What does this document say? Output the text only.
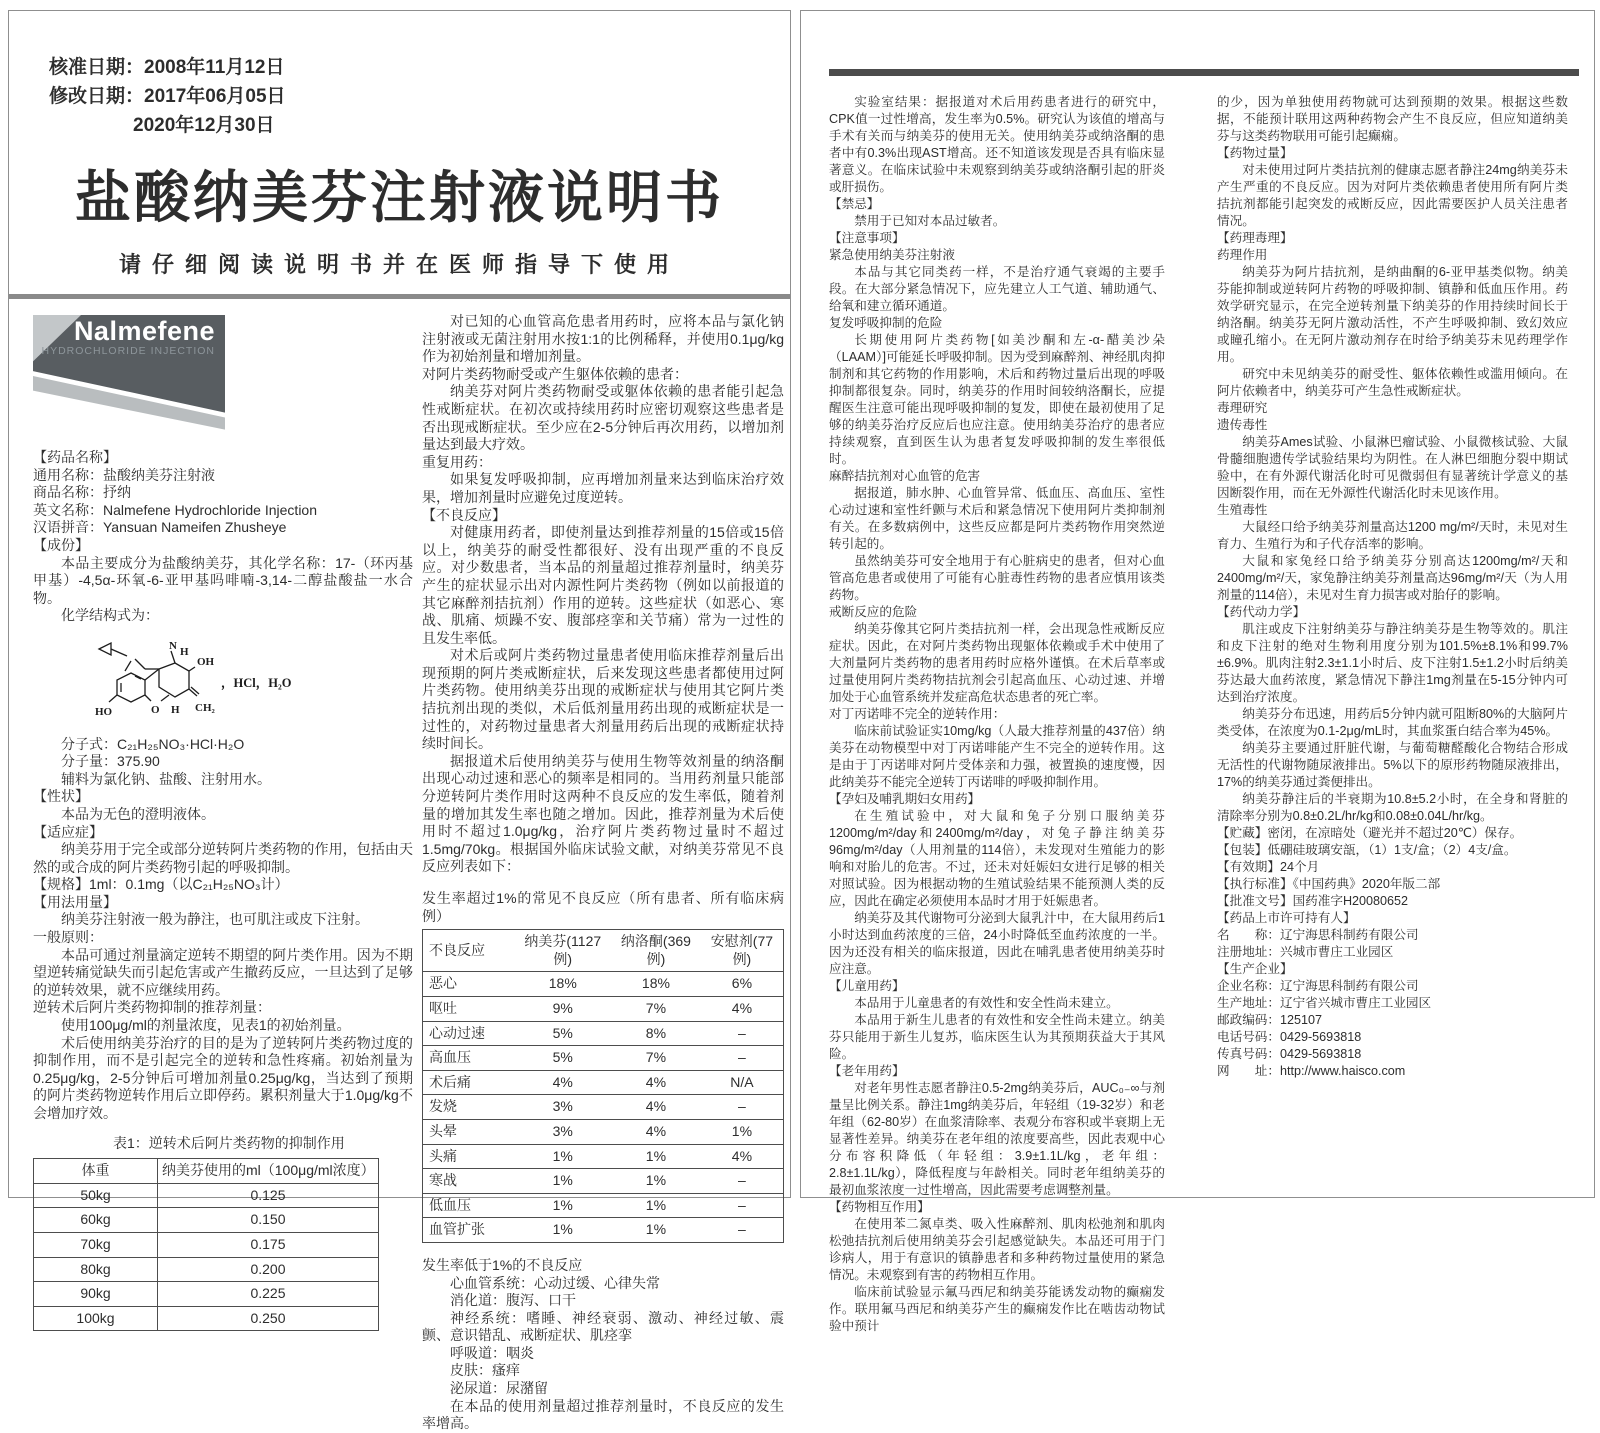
核准日期：2008年11月12日
修改日期：2017年06月05日
2020年12月30日
盐酸纳美芬注射液说明书
请仔细阅读说明书并在医师指导下使用
Nalmefene
HYDROCHLORIDE INJECTION

【药品名称】

通用名称：盐酸纳美芬注射液

商品名称：抒纳

英文名称：Nalmefene Hydrochloride Injection

汉语拼音：Yansuan Nameifen Zhusheye

【成份】

本品主要成分为盐酸纳美芬，其化学名称：17-（环丙基甲基）-4,5α-环氧-6-亚甲基吗啡喃-3,14-二醇盐酸盐一水合物。

化学结构式为：

N H
OH
HO	O H CH₂
，HCl，H₂O

分子式：C₂₁H₂₅NO₃·HCl·H₂O

分子量：375.90

辅料为氯化钠、盐酸、注射用水。

【性状】

本品为无色的澄明液体。

【适应症】

纳美芬用于完全或部分逆转阿片类药物的作用，包括由天然的或合成的阿片类药物引起的呼吸抑制。

【规格】1ml：0.1mg（以C₂₁H₂₅NO₃计）

【用法用量】

纳美芬注射液一般为静注，也可肌注或皮下注射。

一般原则：

本品可通过剂量滴定逆转不期望的阿片类作用。因为不期望逆转痛觉缺失而引起危害或产生撤药反应，一旦达到了足够的逆转效果，就不应继续用药。

逆转术后阿片类药物抑制的推荐剂量：

使用100μg/ml的剂量浓度，见表1的初始剂量。

术后使用纳美芬治疗的目的是为了逆转阿片类药物过度的抑制作用，而不是引起完全的逆转和急性疼痛。初始剂量为0.25μg/kg，2-5分钟后可增加剂量0.25μg/kg，当达到了预期的阿片类药物逆转作用后立即停药。累积剂量大于1.0μg/kg不会增加疗效。

表1：逆转术后阿片类药物的抑制作用

体重	纳美芬使用的ml（100μg/ml浓度）
50kg	0.125
60kg	0.150
70kg	0.175
80kg	0.200
90kg	0.225
100kg	0.250

对已知的心血管高危患者用药时，应将本品与氯化钠注射液或无菌注射用水按1:1的比例稀释，并使用0.1μg/kg作为初始剂量和增加剂量。

对阿片类药物耐受或产生躯体依赖的患者：

纳美芬对阿片类药物耐受或躯体依赖的患者能引起急性戒断症状。在初次或持续用药时应密切观察这些患者是否出现戒断症状。至少应在2-5分钟后再次用药，以增加剂量达到最大疗效。

重复用药：

如果复发呼吸抑制，应再增加剂量来达到临床治疗效果，增加剂量时应避免过度逆转。

【不良反应】

对健康用药者，即使剂量达到推荐剂量的15倍或15倍以上，纳美芬的耐受性都很好、没有出现严重的不良反应。对少数患者，当本品的剂量超过推荐剂量时，纳美芬产生的症状显示出对内源性阿片类药物（例如以前报道的其它麻醉剂拮抗剂）作用的逆转。这些症状（如恶心、寒战、肌痛、烦躁不安、腹部痉挛和关节痛）常为一过性的且发生率低。

对术后或阿片类药物过量患者使用临床推荐剂量后出现预期的阿片类戒断症状，后来发现这些患者都使用过阿片类药物。使用纳美芬出现的戒断症状与使用其它阿片类拮抗剂出现的类似，术后低剂量用药出现的戒断症状是一过性的，对药物过量患者大剂量用药后出现的戒断症状持续时间长。

据报道术后使用纳美芬与使用生物等效剂量的纳洛酮出现心动过速和恶心的频率是相同的。当用药剂量只能部分逆转阿片类作用时这两种不良反应的发生率低，随着剂量的增加其发生率也随之增加。因此，推荐剂量为术后使用时不超过1.0μg/kg，治疗阿片类药物过量时不超过1.5mg/70kg。根据国外临床试验文献，对纳美芬常见不良反应列表如下：

发生率超过1%的常见不良反应（所有患者、所有临床病例）

不良反应	纳美芬(1127例)	纳洛酮(369例)	安慰剂(77例)
恶心	18%	18%	6%
呕吐	9%	7%	4%
心动过速	5%	8%	–
高血压	5%	7%	–
术后痛	4%	4%	N/A
发烧	3%	4%	–
头晕	3%	4%	1%
头痛	1%	1%	4%
寒战	1%	1%	–
低血压	1%	1%	–
血管扩张	1%	1%	–

发生率低于1%的不良反应

心血管系统：心动过缓、心律失常

消化道：腹泻、口干

神经系统：嗜睡、神经衰弱、激动、神经过敏、震颤、意识错乱、戒断症状、肌痉挛

呼吸道：咽炎

皮肤：瘙痒

泌尿道：尿潴留

在本品的使用剂量超过推荐剂量时，不良反应的发生率增高。

实验室结果：据报道对术后用药患者进行的研究中，CPK值一过性增高，发生率为0.5%。研究认为该值的增高与手术有关而与纳美芬的使用无关。使用纳美芬或纳洛酮的患者中有0.3%出现AST增高。还不知道该发现是否具有临床显著意义。在临床试验中未观察到纳美芬或纳洛酮引起的肝炎或肝损伤。

【禁忌】

禁用于已知对本品过敏者。

【注意事项】

紧急使用纳美芬注射液

本品与其它同类药一样，不是治疗通气衰竭的主要手段。在大部分紧急情况下，应先建立人工气道、辅助通气、给氧和建立循环通道。

复发呼吸抑制的危险

长期使用阿片类药物[如美沙酮和左-α-醋美沙朵（LAAM）]可能延长呼吸抑制。因为受到麻醉剂、神经肌肉抑制剂和其它药物的作用影响，术后和药物过量后出现的呼吸抑制都很复杂。同时，纳美芬的作用时间较纳洛酮长，应提醒医生注意可能出现呼吸抑制的复发，即使在最初使用了足够的纳美芬治疗反应后也应注意。使用纳美芬治疗的患者应持续观察，直到医生认为患者复发呼吸抑制的发生率很低时。

麻醉拮抗剂对心血管的危害

据报道，肺水肿、心血管异常、低血压、高血压、室性心动过速和室性纤颤与术后和紧急情况下使用阿片类抑制剂有关。在多数病例中，这些反应都是阿片类药物作用突然逆转引起的。

虽然纳美芬可安全地用于有心脏病史的患者，但对心血管高危患者或使用了可能有心脏毒性药物的患者应慎用该类药物。

戒断反应的危险

纳美芬像其它阿片类拮抗剂一样，会出现急性戒断反应症状。因此，在对阿片类药物出现躯体依赖或手术中使用了大剂量阿片类药物的患者用药时应格外谨慎。在术后草率或过量使用阿片类药物拮抗剂会引起高血压、心动过速、并增加处于心血管系统并发症高危状态患者的死亡率。

对丁丙诺啡不完全的逆转作用：

临床前试验证实10mg/kg（人最大推荐剂量的437倍）纳美芬在动物模型中对丁丙诺啡能产生不完全的逆转作用。这是由于丁丙诺啡对阿片受体亲和力强，被置换的速度慢，因此纳美芬不能完全逆转丁丙诺啡的呼吸抑制作用。

【孕妇及哺乳期妇女用药】

在生殖试验中，对大鼠和兔子分别口服纳美芬1200mg/m²/day和2400mg/m²/day，对兔子静注纳美芬96mg/m²/day（人用剂量的114倍），未发现对生殖能力的影响和对胎儿的危害。不过，还未对妊娠妇女进行足够的相关对照试验。因为根据动物的生殖试验结果不能预测人类的反应，因此在确定必须使用本品时才用于妊娠患者。

纳美芬及其代谢物可分泌到大鼠乳汁中，在大鼠用药后1小时达到血药浓度的三倍，24小时降低至血药浓度的一半。因为还没有相关的临床报道，因此在哺乳患者使用纳美芬时应注意。

【儿童用药】

本品用于儿童患者的有效性和安全性尚未建立。

本品用于新生儿患者的有效性和安全性尚未建立。纳美芬只能用于新生儿复苏，临床医生认为其预期获益大于其风险。

【老年用药】

对老年男性志愿者静注0.5-2mg纳美芬后，AUC₀₋∞与剂量呈比例关系。静注1mg纳美芬后，年轻组（19-32岁）和老年组（62-80岁）在血浆清除率、表观分布容积或半衰期上无显著性差异。纳美芬在老年组的浓度要高些，因此表观中心分布容积降低（年轻组：3.9±1.1L/kg，老年组：2.8±1.1L/kg），降低程度与年龄相关。同时老年组纳美芬的最初血浆浓度一过性增高，因此需要考虑调整剂量。

【药物相互作用】

在使用苯二氮卓类、吸入性麻醉剂、肌肉松弛剂和肌肉松弛拮抗剂后使用纳美芬会引起感觉缺失。本品还可用于门诊病人，用于有意识的镇静患者和多种药物过量使用的紧急情况。未观察到有害的药物相互作用。

临床前试验显示氟马西尼和纳美芬能诱发动物的癫痫发作。联用氟马西尼和纳美芬产生的癫痫发作比在啮齿动物试验中预计

的少，因为单独使用药物就可达到预期的效果。根据这些数据，不能预计联用这两种药物会产生不良反应，但应知道纳美芬与这类药物联用可能引起癫痫。

【药物过量】

对未使用过阿片类拮抗剂的健康志愿者静注24mg纳美芬未产生严重的不良反应。因为对阿片类依赖患者使用所有阿片类拮抗剂都能引起突发的戒断反应，因此需要医护人员关注患者情况。

【药理毒理】

药理作用

纳美芬为阿片拮抗剂，是纳曲酮的6-亚甲基类似物。纳美芬能抑制或逆转阿片药物的呼吸抑制、镇静和低血压作用。药效学研究显示，在完全逆转剂量下纳美芬的作用持续时间长于纳洛酮。纳美芬无阿片激动活性，不产生呼吸抑制、致幻效应或瞳孔缩小。在无阿片激动剂存在时给予纳美芬未见药理学作用。

研究中未见纳美芬的耐受性、躯体依赖性或滥用倾向。在阿片依赖者中，纳美芬可产生急性戒断症状。

毒理研究

遗传毒性

纳美芬Ames试验、小鼠淋巴瘤试验、小鼠微核试验、大鼠骨髓细胞遗传学试验结果均为阴性。在人淋巴细胞分裂中期试验中，在有外源代谢活化时可见微弱但有显著统计学意义的基因断裂作用，而在无外源性代谢活化时未见该作用。

生殖毒性

大鼠经口给予纳美芬剂量高达1200 mg/m²/天时，未见对生育力、生殖行为和子代存活率的影响。

大鼠和家兔经口给予纳美芬分别高达1200mg/m²/天和2400mg/m²/天，家兔静注纳美芬剂量高达96mg/m²/天（为人用剂量的114倍），未见对生育力损害或对胎仔的影响。

【药代动力学】

肌注或皮下注射纳美芬与静注纳美芬是生物等效的。肌注和皮下注射的绝对生物利用度分别为101.5%±8.1%和99.7%±6.9%。肌肉注射2.3±1.1小时后、皮下注射1.5±1.2小时后纳美芬达最大血药浓度，紧急情况下静注1mg剂量在5-15分钟内可达到治疗浓度。

纳美芬分布迅速，用药后5分钟内就可阻断80%的大脑阿片类受体，在浓度为0.1-2μg/mL时，其血浆蛋白结合率为45%。

纳美芬主要通过肝脏代谢，与葡萄糖醛酸化合物结合形成无活性的代谢物随尿液排出。5%以下的原形药物随尿液排出，17%的纳美芬通过粪便排出。

纳美芬静注后的半衰期为10.8±5.2小时，在全身和肾脏的清除率分别为0.8±0.2L/hr/kg和0.08±0.04L/hr/kg。

【贮藏】密闭，在凉暗处（避光并不超过20℃）保存。

【包装】低硼硅玻璃安瓿，（1）1支/盒；（2）4支/盒。

【有效期】24个月

【执行标准】《中国药典》2020年版二部

【批准文号】国药准字H20080652

【药品上市许可持有人】

名　　称：辽宁海思科制药有限公司

注册地址：兴城市曹庄工业园区

【生产企业】

企业名称：辽宁海思科制药有限公司

生产地址：辽宁省兴城市曹庄工业园区

邮政编码：125107

电话号码：0429-5693818

传真号码：0429-5693818

网　　址：http://www.haisco.com
